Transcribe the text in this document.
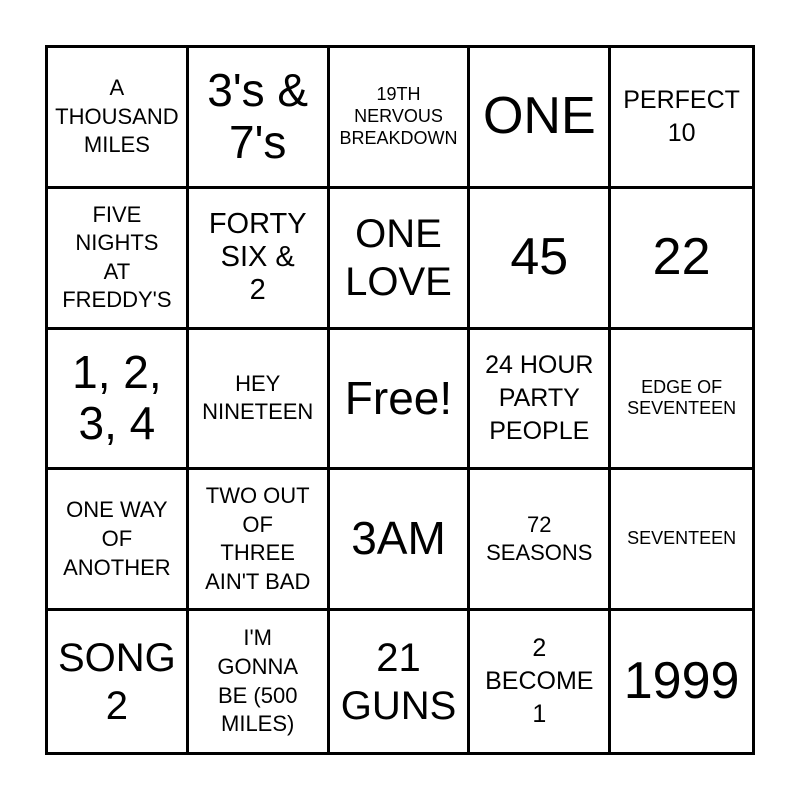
A
THOUSAND
MILES
3's &
7's
19TH
NERVOUS
BREAKDOWN ONE PERFECT
10
FIVE
NIGHTS
AT
FREDDY'S
FORTY
SIX &
2
ONE
LOVE 45 22
1, 2,
3, 4
HEY
NINETEEN Free!
24 HOUR
PARTY
PEOPLE
EDGE OF
SEVENTEEN
ONE WAY
OF
ANOTHER
TWO OUT
OF
THREE
AIN'T BAD
3AM	72
SEASONS
SEVENTEEN
SONG
2
I'M
GONNA
BE (500
MILES)
21
GUNS
2
BECOME
1
1999
